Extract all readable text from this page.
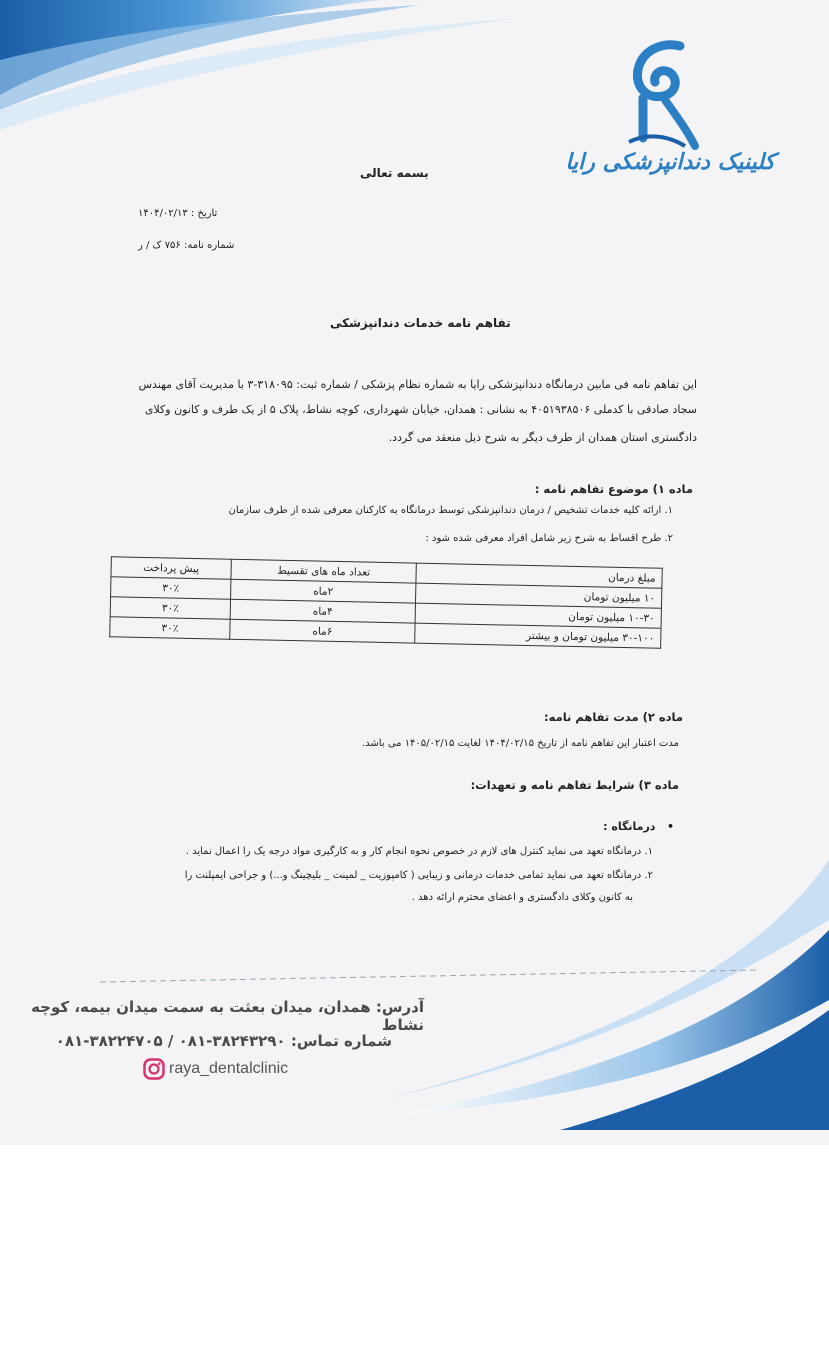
کلینیک دندانپزشکی رایا
بسمه تعالی
تاریخ : ۱۴۰۴/۰۲/۱۳
شماره نامه: ۷۵۶ ک / ر
تفاهم نامه خدمات دندانپزشکی
این تفاهم نامه فی مابین درمانگاه دندانپزشکی رایا به شماره نظام پزشکی / شماره ثبت: ۳۱۸۰۹۵-۳ با مدیریت آقای مهندس
سجاد صادقی با کدملی ۴۰۵۱۹۳۸۵۰۶ به نشانی : همدان، خیابان شهرداری، کوچه نشاط، پلاک ۵ از یک طرف و کانون وکلای
دادگستری استان همدان از طرف دیگر به شرح ذیل منعقد می گردد.
ماده ۱) موضوع تفاهم نامه :
۱. ارائه کلیه خدمات تشخیص / درمان دندانپزشکی توسط درمانگاه به کارکنان معرفی شده از طرف سازمان
۲. طرح اقساط به شرح زیر شامل افراد معرفی شده شود :
مبلغ درمان	تعداد ماه های تقسیط	پیش پرداخت
۱۰ میلیون تومان	۲ماه	۳۰٪
۱۰-۳۰ میلیون تومان	۴ماه	۳۰٪
۳۰-۱۰۰ میلیون تومان و بیشتر	۶ماه	۳۰٪
ماده ۲) مدت تفاهم نامه:
مدت اعتبار این تفاهم نامه از تاریخ ۱۴۰۴/۰۲/۱۵ لغایت ۱۴۰۵/۰۲/۱۵ می باشد.
ماده ۳) شرایط تفاهم نامه و تعهدات:
•   درمانگاه :
۱. درمانگاه تعهد می نماید کنترل های لازم در خصوص نحوه انجام کار و به کارگیری مواد درجه یک را اعمال نماید .
۲. درمانگاه تعهد می نماید تمامی خدمات درمانی و زیبایی ( کامپوزیت _ لمینت _ بلیچینگ و...) و جراحی ایمپلنت را
به کانون وکلای دادگستری و اعضای محترم ارائه دهد .
آدرس: همدان، میدان بعثت به سمت میدان بیمه، کوچه نشاط
شماره تماس: ۳۸۲۴۳۲۹۰-۰۸۱ / ۳۸۲۲۴۷۰۵-۰۸۱
raya_dentalclinic
